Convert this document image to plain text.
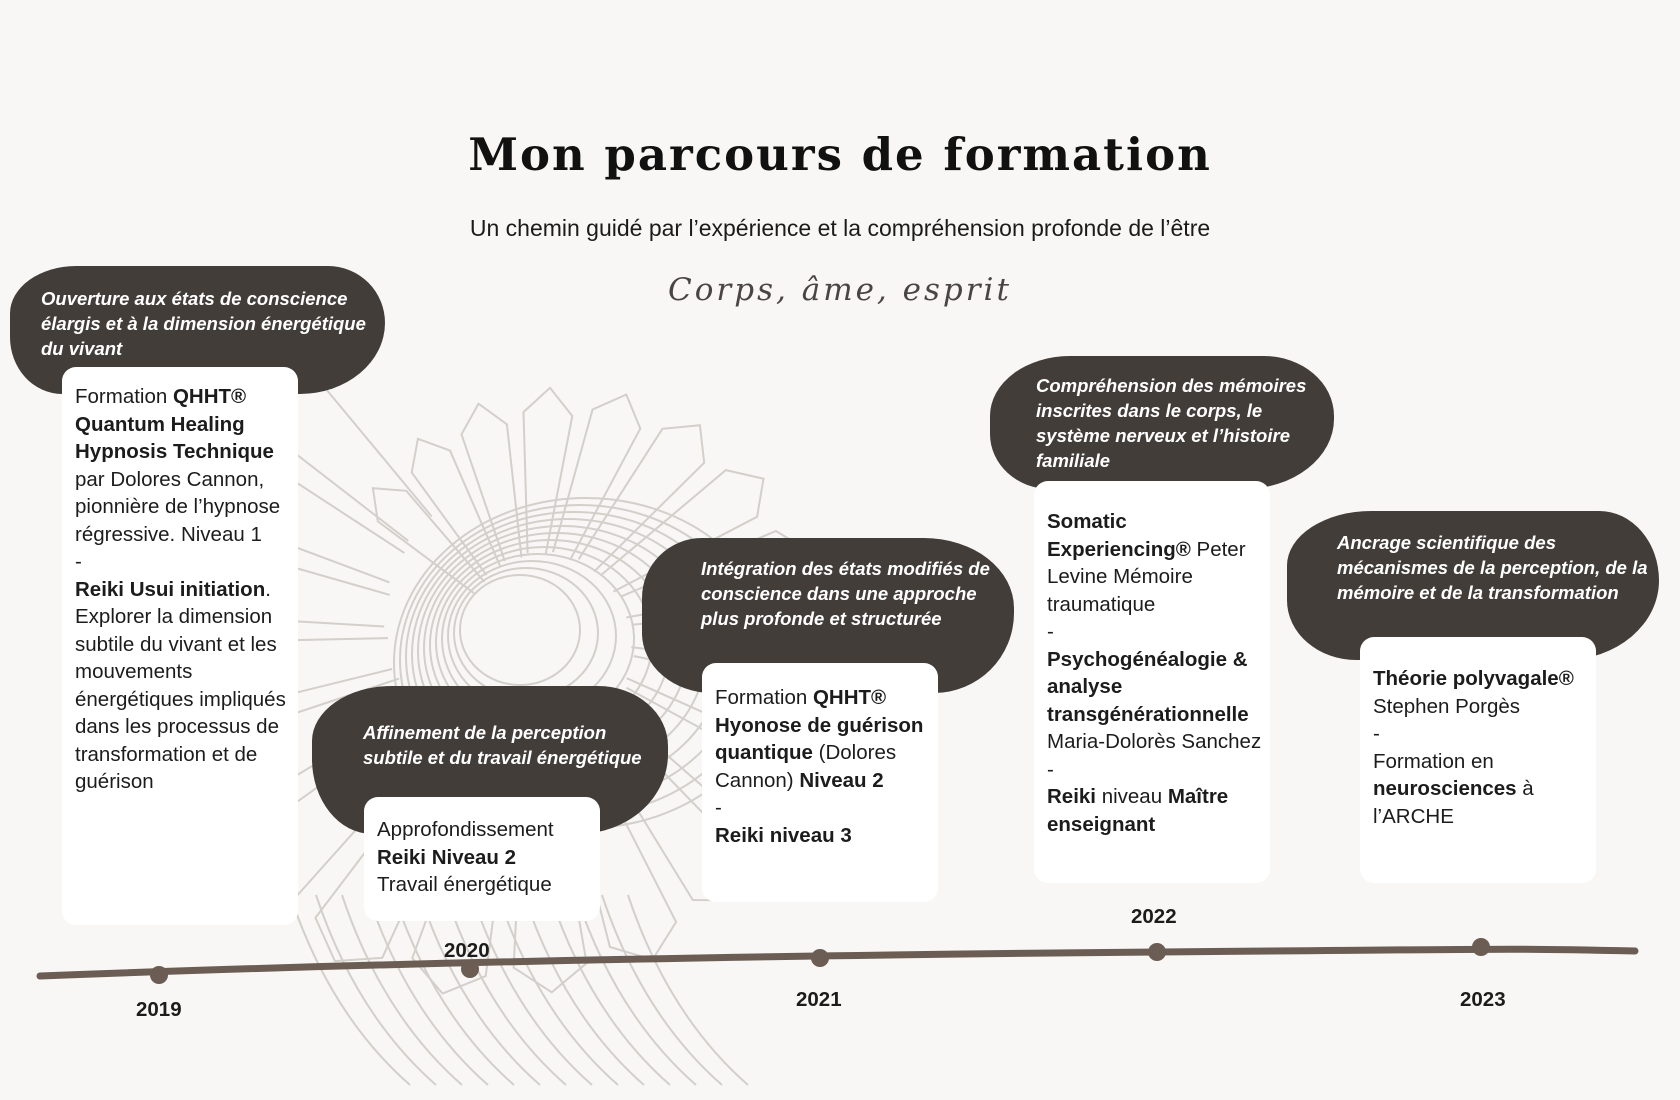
Mon parcours de formation
Un chemin guidé par l’expérience et la compréhension profonde de l’être
Corps, âme, esprit
Ouverture aux états de conscience élargis et à la dimension énergétique du vivant

Formation QHHT® Quantum Healing Hypnosis Technique par Dolores Cannon, pionnière de l’hypnose régressive. Niveau 1

-

Reiki Usui initiation. Explorer la dimension subtile du vivant et les mouvements énergétiques impliqués dans les processus de transformation et de guérison

Affinement de la perception subtile et du travail énergétique

Approfondissement

Reiki Niveau 2

Travail énergétique

Intégration des états modifiés de conscience dans une approche plus profonde et structurée

Formation QHHT® Hyonose de guérison quantique (Dolores Cannon) Niveau 2

-

Reiki niveau 3

Compréhension des mémoires inscrites dans le corps, le système nerveux et l’histoire familiale

Somatic Experiencing® Peter Levine Mémoire traumatique

-

Psychogénéalogie & analyse transgénérationnelle Maria-Dolorès Sanchez

-

Reiki niveau Maître enseignant

Ancrage scientifique des mécanismes de la perception, de la mémoire et de la transformation

Théorie polyvagale® Stephen Porgès

-

Formation en neurosciences à l’ARCHE

2019
2020
2021
2022
2023
